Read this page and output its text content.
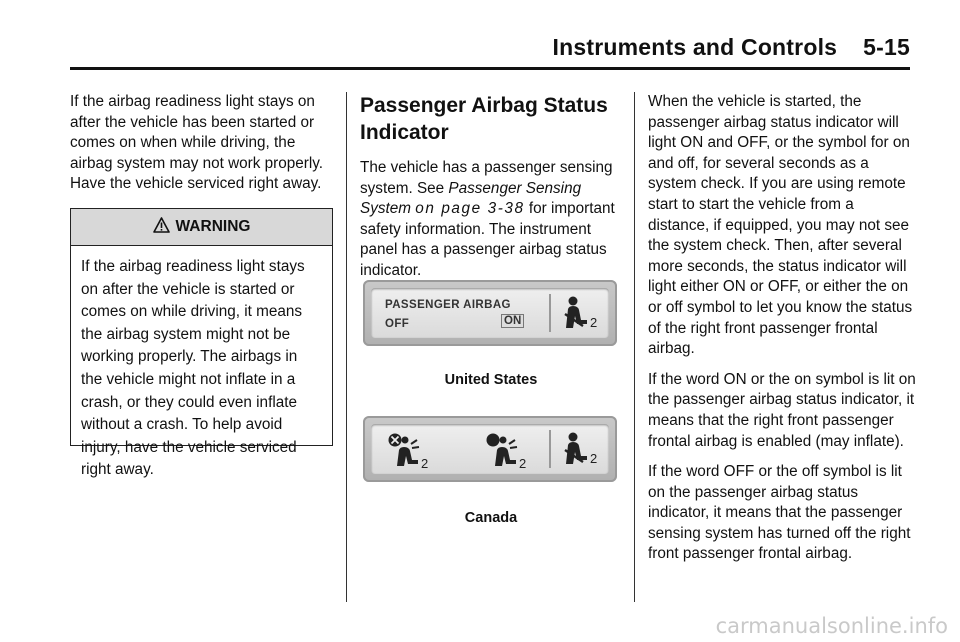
Instruments and Controls 5-15

If the airbag readiness light stays on after the vehicle has been started or comes on when while driving, the airbag system may not work properly. Have the vehicle serviced right away.

WARNING
If the airbag readiness light stays on after the vehicle is started or comes on while driving, it means the airbag system might not be working properly. The airbags in the vehicle might not inflate in a crash, or they could even inflate without a crash. To help avoid injury, have the vehicle serviced right away.
Passenger Airbag Status Indicator

The vehicle has a passenger sensing system. See Passenger Sensing System on page 3-38 for important safety information. The instrument panel has a passenger airbag status indicator.

PASSENGER AIRBAG
OFF	ON	2
United States
2	2	2
Canada

When the vehicle is started, the passenger airbag status indicator will light ON and OFF, or the symbol for on and off, for several seconds as a system check. If you are using remote start to start the vehicle from a distance, if equipped, you may not see the system check. Then, after several more seconds, the status indicator will light either ON or OFF, or either the on or off symbol to let you know the status of the right front passenger frontal airbag.

If the word ON or the on symbol is lit on the passenger airbag status indicator, it means that the right front passenger frontal airbag is enabled (may inflate).

If the word OFF or the off symbol is lit on the passenger airbag status indicator, it means that the passenger sensing system has turned off the right front passenger frontal airbag.

carmanualsonline.info
